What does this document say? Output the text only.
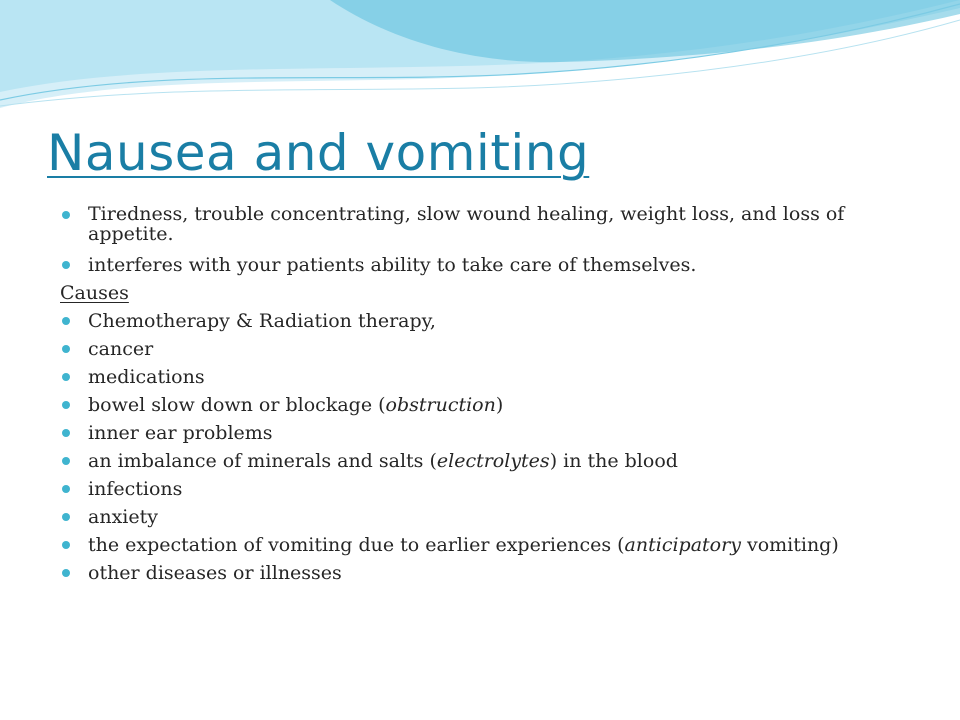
Nausea and vomiting
Tiredness, trouble concentrating, slow wound healing, weight loss, and loss of appetite.
interferes with your patients ability to take care of themselves.
Causes
Chemotherapy & Radiation therapy,
cancer
medications
bowel slow down or blockage (obstruction)
inner ear problems
an imbalance of minerals and salts (electrolytes) in the blood
infections
anxiety
the expectation of vomiting due to earlier experiences (anticipatory vomiting)
other diseases or illnesses
